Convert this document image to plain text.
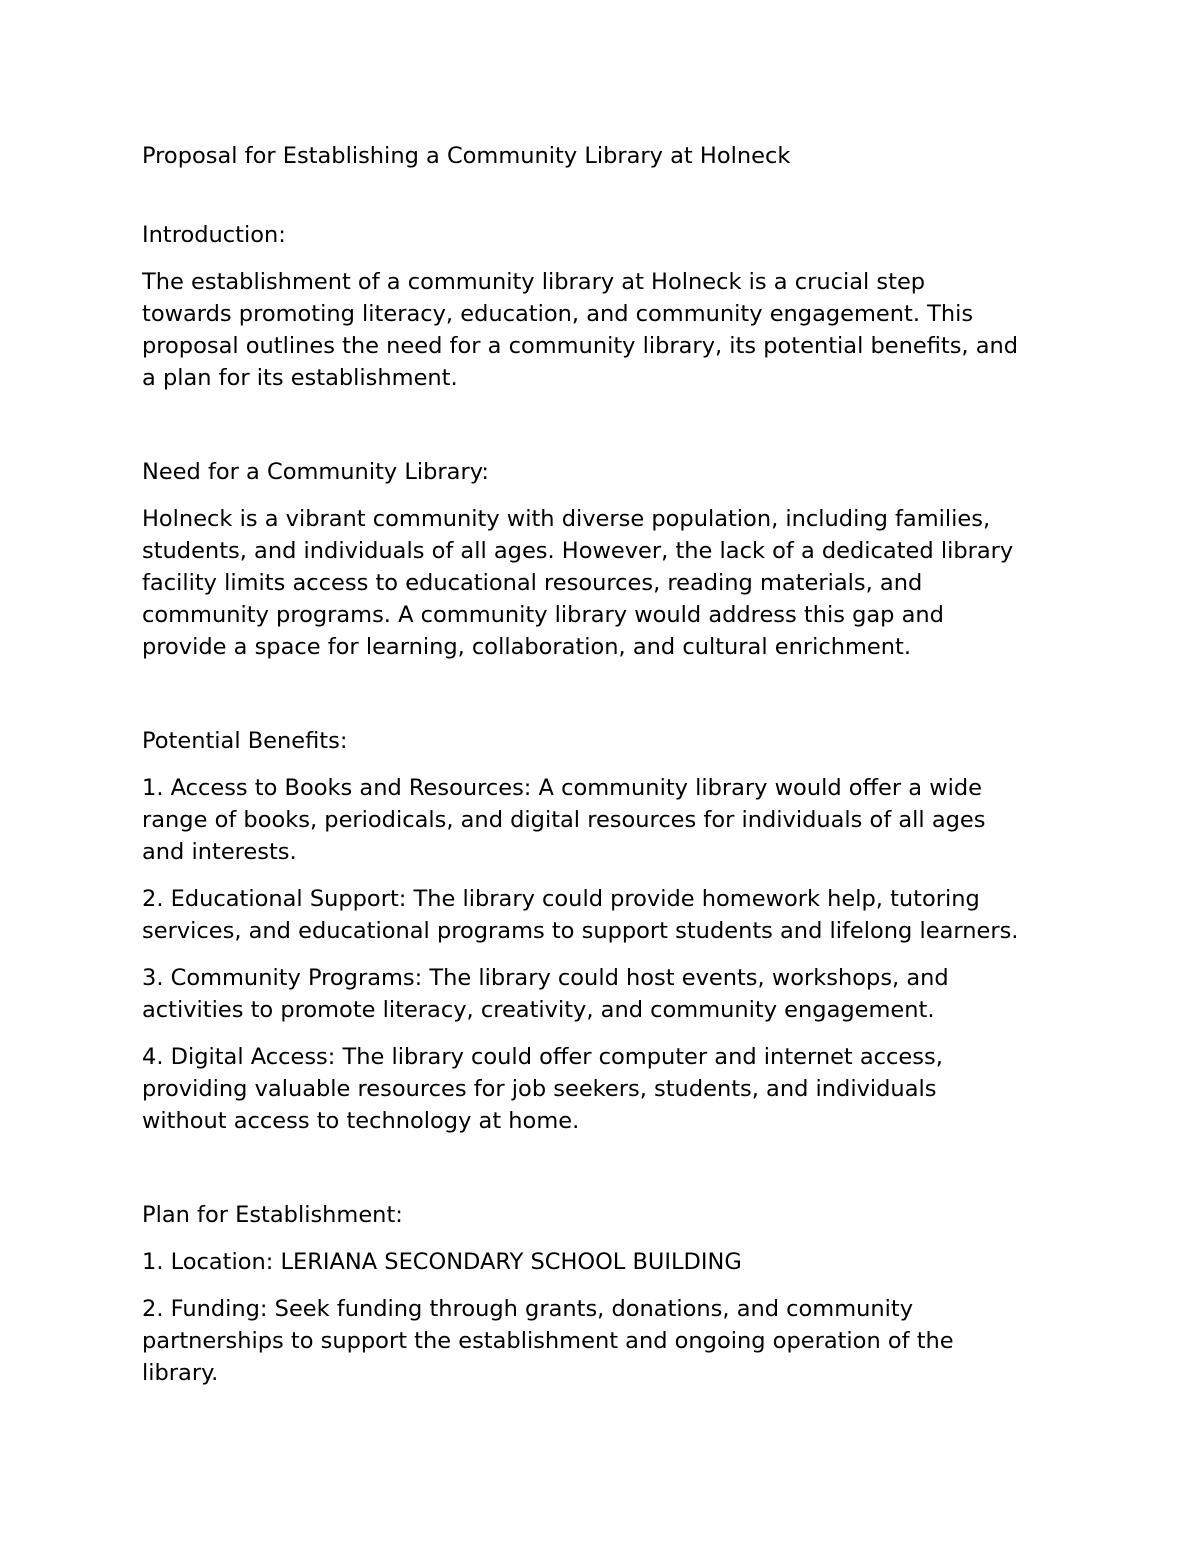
Proposal for Establishing a Community Library at Holneck

Introduction:

The establishment of a community library at Holneck is a crucial step

towards promoting literacy, education, and community engagement. This

proposal outlines the need for a community library, its potential benefits, and

a plan for its establishment.

Need for a Community Library:

Holneck is a vibrant community with diverse population, including families,

students, and individuals of all ages. However, the lack of a dedicated library

facility limits access to educational resources, reading materials, and

community programs. A community library would address this gap and

provide a space for learning, collaboration, and cultural enrichment.

Potential Benefits:

1. Access to Books and Resources: A community library would offer a wide

range of books, periodicals, and digital resources for individuals of all ages

and interests.

2. Educational Support: The library could provide homework help, tutoring

services, and educational programs to support students and lifelong learners.

3. Community Programs: The library could host events, workshops, and

activities to promote literacy, creativity, and community engagement.

4. Digital Access: The library could offer computer and internet access,

providing valuable resources for job seekers, students, and individuals

without access to technology at home.

Plan for Establishment:

1. Location: LERIANA SECONDARY SCHOOL BUILDING

2. Funding: Seek funding through grants, donations, and community

partnerships to support the establishment and ongoing operation of the

library.
